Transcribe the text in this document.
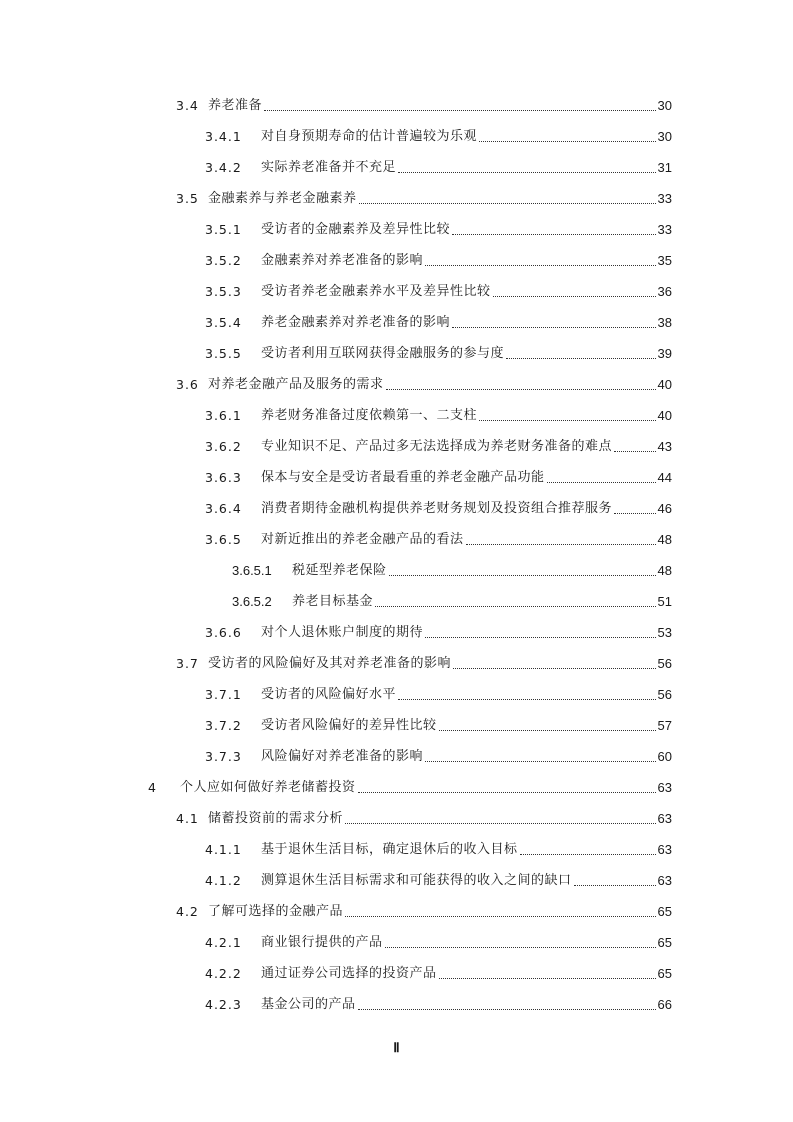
3.4 养老准备	30
3.4.1	对自身预期寿命的估计普遍较为乐观	30
3.4.2	实际养老准备并不充足	31
3.5 金融素养与养老金融素养	33
3.5.1	受访者的金融素养及差异性比较	33
3.5.2	金融素养对养老准备的影响	35
3.5.3	受访者养老金融素养水平及差异性比较	36
3.5.4	养老金融素养对养老准备的影响	38
3.5.5	受访者利用互联网获得金融服务的参与度	39
3.6 对养老金融产品及服务的需求	40
3.6.1	养老财务准备过度依赖第一、二支柱	40
3.6.2	专业知识不足、产品过多无法选择成为养老财务准备的难点	43
3.6.3	保本与安全是受访者最看重的养老金融产品功能	44
3.6.4	消费者期待金融机构提供养老财务规划及投资组合推荐服务	46
3.6.5	对新近推出的养老金融产品的看法	48
3.6.5.1	税延型养老保险	48
3.6.5.2	养老目标基金	51
3.6.6	对个人退休账户制度的期待	53
3.7 受访者的风险偏好及其对养老准备的影响	56
3.7.1	受访者的风险偏好水平	56
3.7.2	受访者风险偏好的差异性比较	57
3.7.3	风险偏好对养老准备的影响	60
4	个人应如何做好养老储蓄投资	63
4.1 储蓄投资前的需求分析	63
4.1.1	基于退休生活目标，确定退休后的收入目标	63
4.1.2	测算退休生活目标需求和可能获得的收入之间的缺口	63
4.2 了解可选择的金融产品	65
4.2.1	商业银行提供的产品	65
4.2.2	通过证券公司选择的投资产品	65
4.2.3	基金公司的产品	66
Ⅱ
